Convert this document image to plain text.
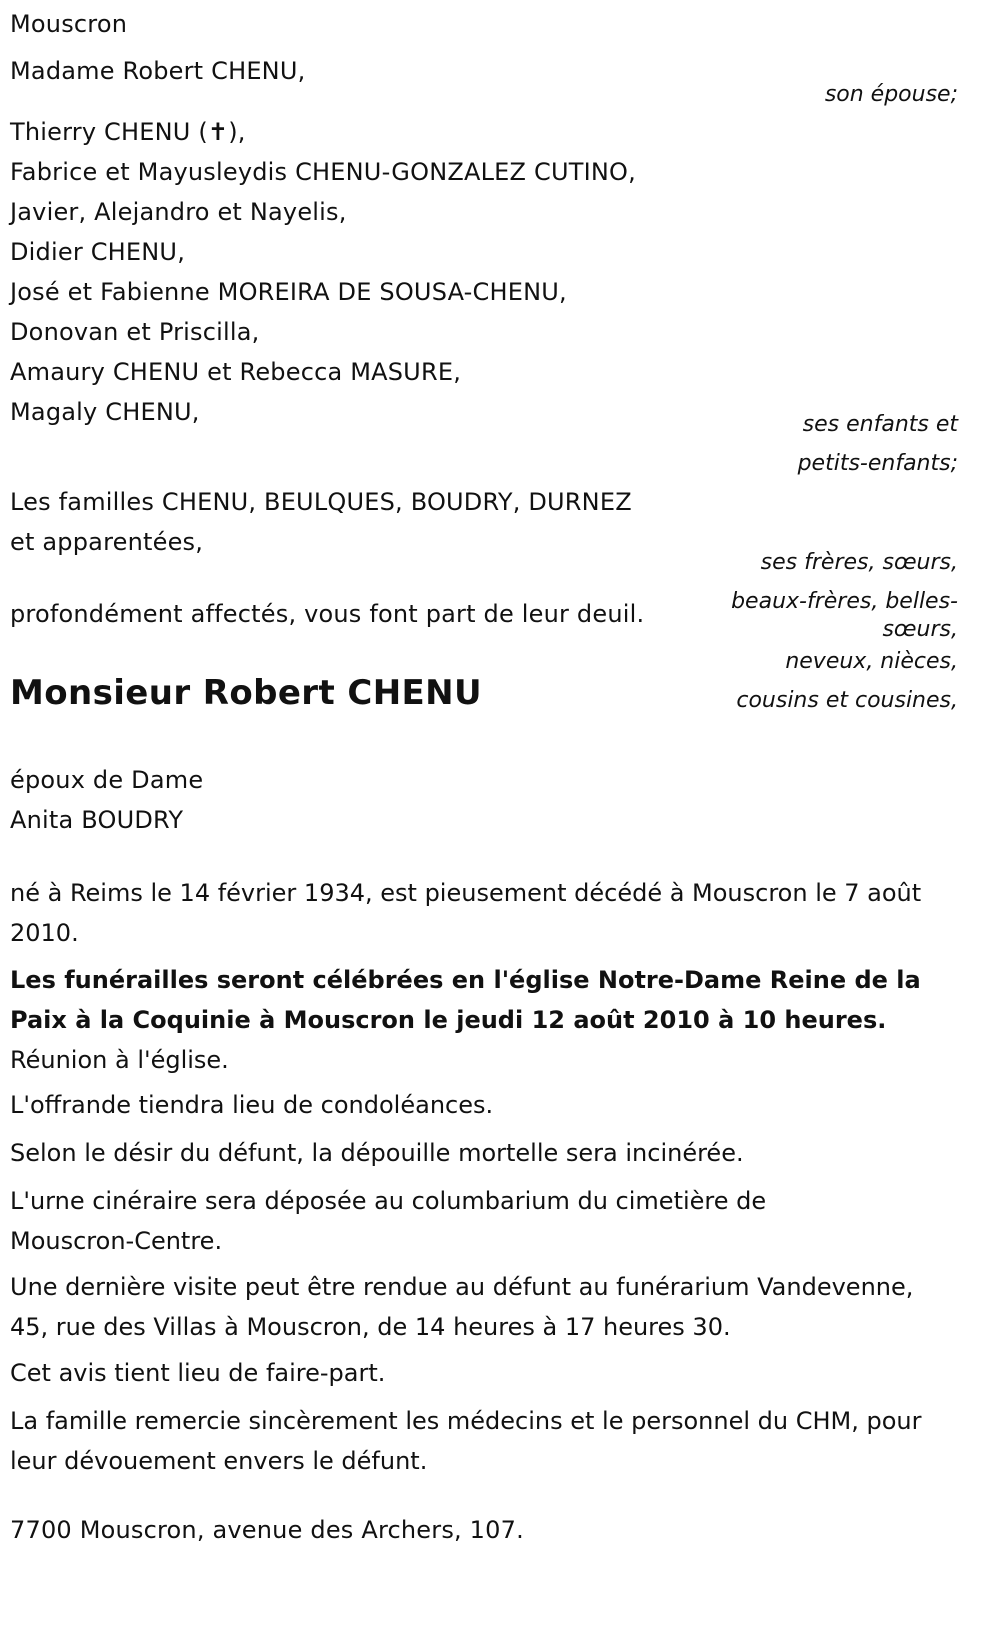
Mouscron
Madame Robert CHENU,
son épouse;
Thierry CHENU (✝),
Fabrice et Mayusleydis CHENU-GONZALEZ CUTINO,
Javier, Alejandro et Nayelis,
Didier CHENU,
José et Fabienne MOREIRA DE SOUSA-CHENU,
Donovan et Priscilla,
Amaury CHENU et Rebecca MASURE,
Magaly CHENU,	ses enfants et
petits-enfants;
Les familles CHENU, BEULQUES, BOUDRY, DURNEZ
et apparentées,
ses frères, sœurs,
beaux-frères, belles-
sœurs,
neveux, nièces,
cousins et cousines,
profondément affectés, vous font part de leur deuil.
Monsieur Robert CHENU
époux de Dame
Anita BOUDRY
né à Reims le 14 février 1934, est pieusement décédé à Mouscron le 7 août 2010.
Les funérailles seront célébrées en l'église Notre-Dame Reine de la Paix à la Coquinie à Mouscron le jeudi 12 août 2010 à 10 heures. Réunion à l'église.
L'offrande tiendra lieu de condoléances.
Selon le désir du défunt, la dépouille mortelle sera incinérée.
L'urne cinéraire sera déposée au columbarium du cimetière de Mouscron-Centre.
Une dernière visite peut être rendue au défunt au funérarium Vandevenne, 45, rue des Villas à Mouscron, de 14 heures à 17 heures 30.
Cet avis tient lieu de faire-part.
La famille remercie sincèrement les médecins et le personnel du CHM, pour leur dévouement envers le défunt.
7700 Mouscron, avenue des Archers, 107.
